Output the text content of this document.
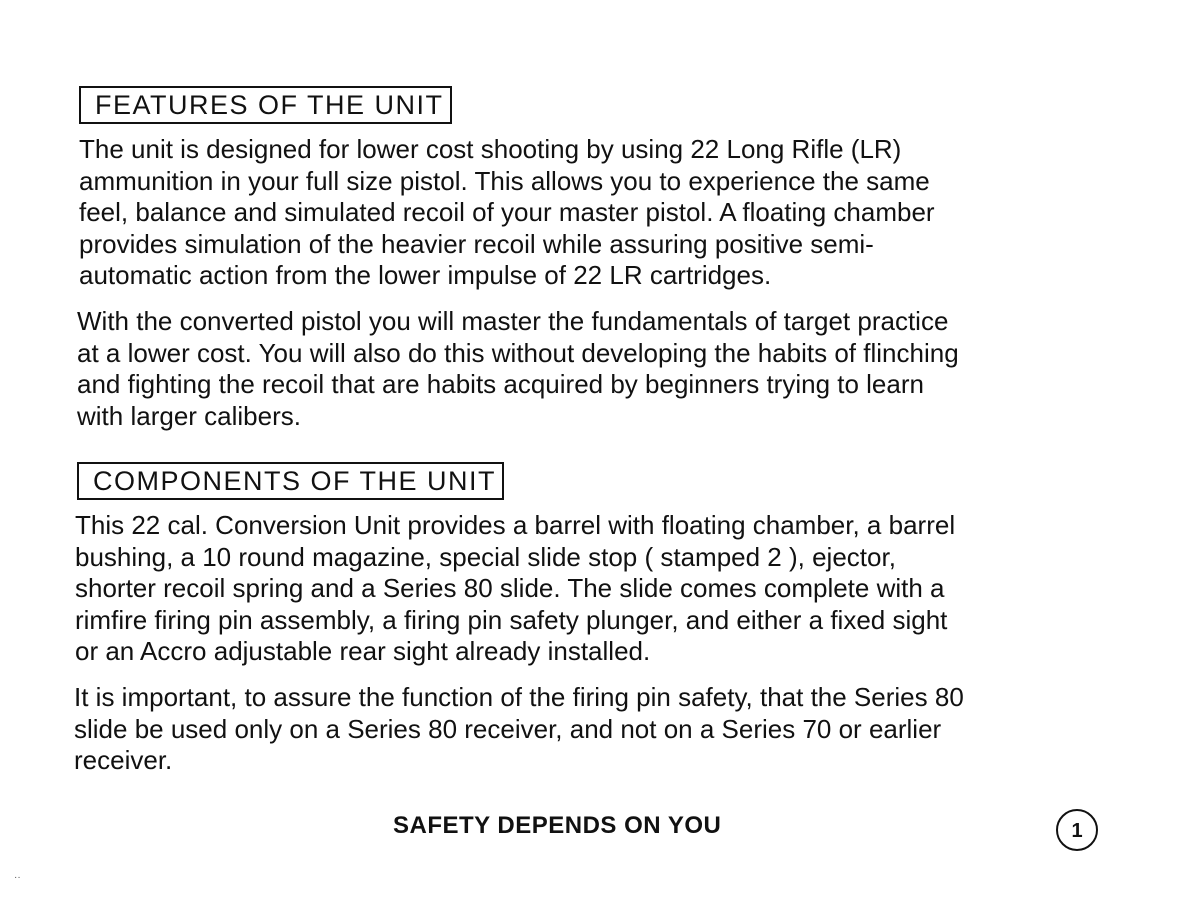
FEATURES OF THE UNIT

The unit is designed for lower cost shooting by using 22 Long Rifle (LR)
ammunition in your full size pistol. This allows you to experience the same
feel, balance and simulated recoil of your master pistol. A floating chamber
provides simulation of the heavier recoil while assuring positive semi-
automatic action from the lower impulse of 22 LR cartridges.

With the converted pistol you will master the fundamentals of target practice
at a lower cost. You will also do this without developing the habits of flinching
and fighting the recoil that are habits acquired by beginners trying to learn
with larger calibers.

COMPONENTS OF THE UNIT

This 22 cal. Conversion Unit provides a barrel with floating chamber, a barrel
bushing, a 10 round magazine, special slide stop ( stamped 2 ), ejector,
shorter recoil spring and a Series 80 slide. The slide comes complete with a
rimfire firing pin assembly, a firing pin safety plunger, and either a fixed sight
or an Accro adjustable rear sight already installed.

It is important, to assure the function of the firing pin safety, that the Series 80
slide be used only on a Series 80 receiver, and not on a Series 70 or earlier
receiver.

SAFETY DEPENDS ON YOU	1
··
